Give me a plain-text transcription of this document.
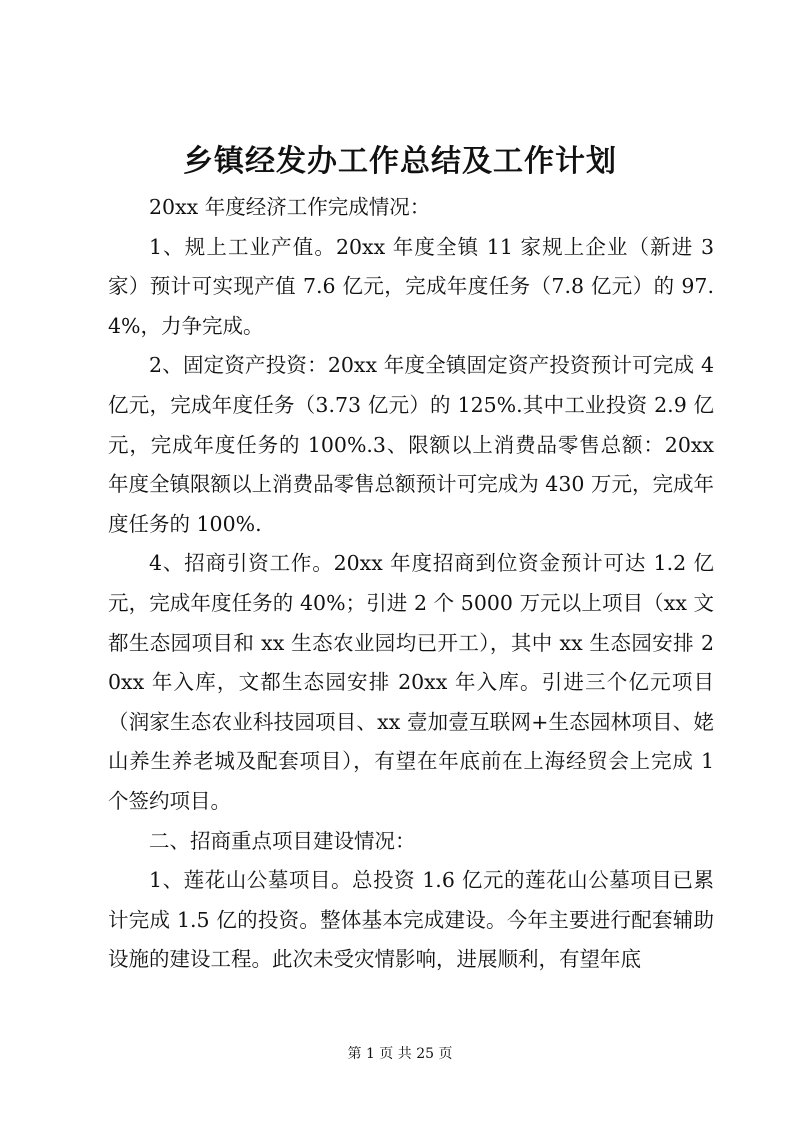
乡镇经发办工作总结及工作计划

20xx 年度经济工作完成情况：

1、规上工业产值。20xx 年度全镇 11 家规上企业（新进 3 家）预计可实现产值 7.6 亿元，完成年度任务（7.8 亿元）的 97.4%，力争完成。

2、固定资产投资：20xx 年度全镇固定资产投资预计可完成 4 亿元，完成年度任务（3.73 亿元）的 125%.其中工业投资 2.9 亿元，完成年度任务的 100%.3、限额以上消费品零售总额：20xx 年度全镇限额以上消费品零售总额预计可完成为 430 万元，完成年度任务的 100%.

4、招商引资工作。20xx 年度招商到位资金预计可达 1.2 亿元，完成年度任务的 40%；引进 2 个 5000 万元以上项目（xx 文都生态园项目和 xx 生态农业园均已开工），其中 xx 生态园安排 20xx 年入库，文都生态园安排 20xx 年入库。引进三个亿元项目（润家生态农业科技园项目、xx 壹加壹互联网+生态园林项目、姥山养生养老城及配套项目），有望在年底前在上海经贸会上完成 1 个签约项目。

二、招商重点项目建设情况：

1、莲花山公墓项目。总投资 1.6 亿元的莲花山公墓项目已累计完成 1.5 亿的投资。整体基本完成建设。今年主要进行配套辅助设施的建设工程。此次未受灾情影响，进展顺利，有望年底

第 1 页 共 25 页
